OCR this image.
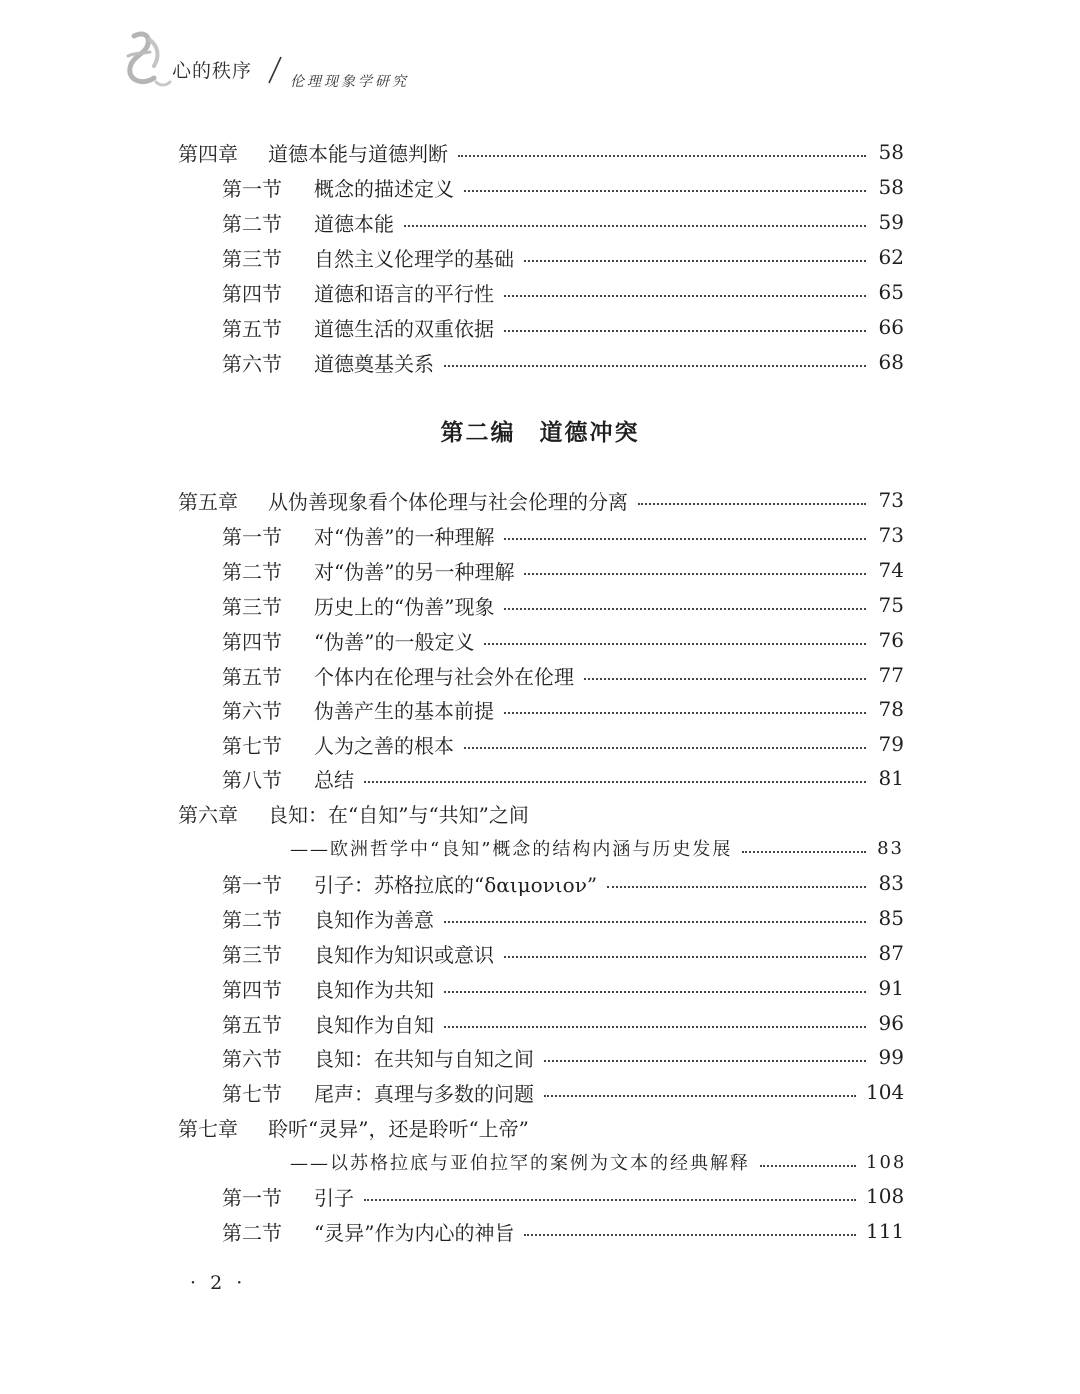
心的秩序	伦理现象学研究
第四章	道德本能与道德判断	58
第一节	概念的描述定义	58
第二节	道德本能	59
第三节	自然主义伦理学的基础	62
第四节	道德和语言的平行性	65
第五节	道德生活的双重依据	66
第六节	道德奠基关系	68
第二编 道德冲突
第五章	从伪善现象看个体伦理与社会伦理的分离	73
第一节	对“伪善”的一种理解	73
第二节	对“伪善”的另一种理解	74
第三节	历史上的“伪善”现象	75
第四节	“伪善”的一般定义	76
第五节	个体内在伦理与社会外在伦理	77
第六节	伪善产生的基本前提	78
第七节	人为之善的根本	79
第八节	总结	81
第六章	良知：在“自知”与“共知”之间
——欧洲哲学中“良知”概念的结构内涵与历史发展	83
第一节	引子：苏格拉底的“δαιμονιον”	83
第二节	良知作为善意	85
第三节	良知作为知识或意识	87
第四节	良知作为共知	91
第五节	良知作为自知	96
第六节	良知：在共知与自知之间	99
第七节	尾声：真理与多数的问题	104
第七章	聆听“灵异”，还是聆听“上帝”
——以苏格拉底与亚伯拉罕的案例为文本的经典解释	108
第一节	引子	108
第二节	“灵异”作为内心的神旨	111
· 2 ·
